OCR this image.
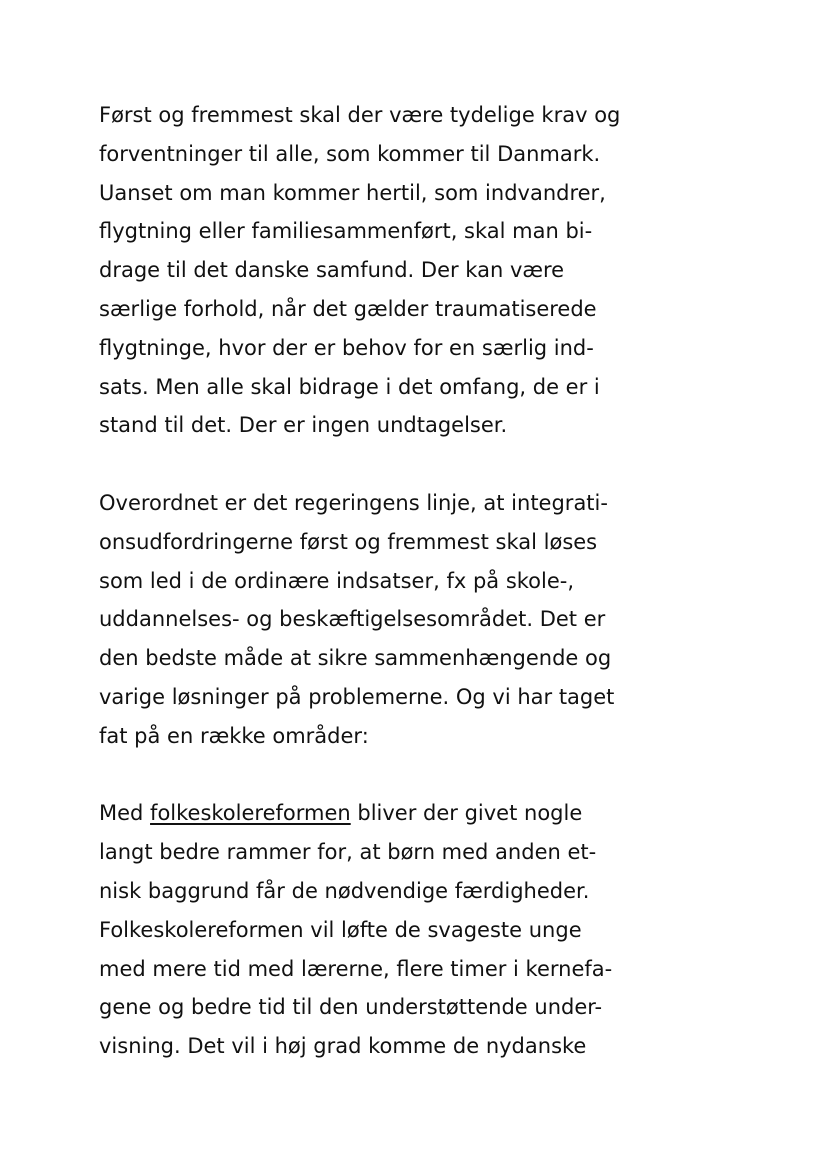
Først og fremmest skal der være tydelige krav og
forventninger til alle, som kommer til Danmark.
Uanset om man kommer hertil, som indvandrer,
flygtning eller familiesammenført, skal man bi-
drage til det danske samfund. Der kan være
særlige forhold, når det gælder traumatiserede
flygtninge, hvor der er behov for en særlig ind-
sats. Men alle skal bidrage i det omfang, de er i
stand til det. Der er ingen undtagelser.

Overordnet er det regeringens linje, at integrati-
onsudfordringerne først og fremmest skal løses
som led i de ordinære indsatser, fx på skole-,
uddannelses- og beskæftigelsesområdet. Det er
den bedste måde at sikre sammenhængende og
varige løsninger på problemerne. Og vi har taget
fat på en række områder:

Med folkeskolereformen bliver der givet nogle
langt bedre rammer for, at børn med anden et-
nisk baggrund får de nødvendige færdigheder.
Folkeskolereformen vil løfte de svageste unge
med mere tid med lærerne, flere timer i kernefa-
gene og bedre tid til den understøttende under-
visning. Det vil i høj grad komme de nydanske
